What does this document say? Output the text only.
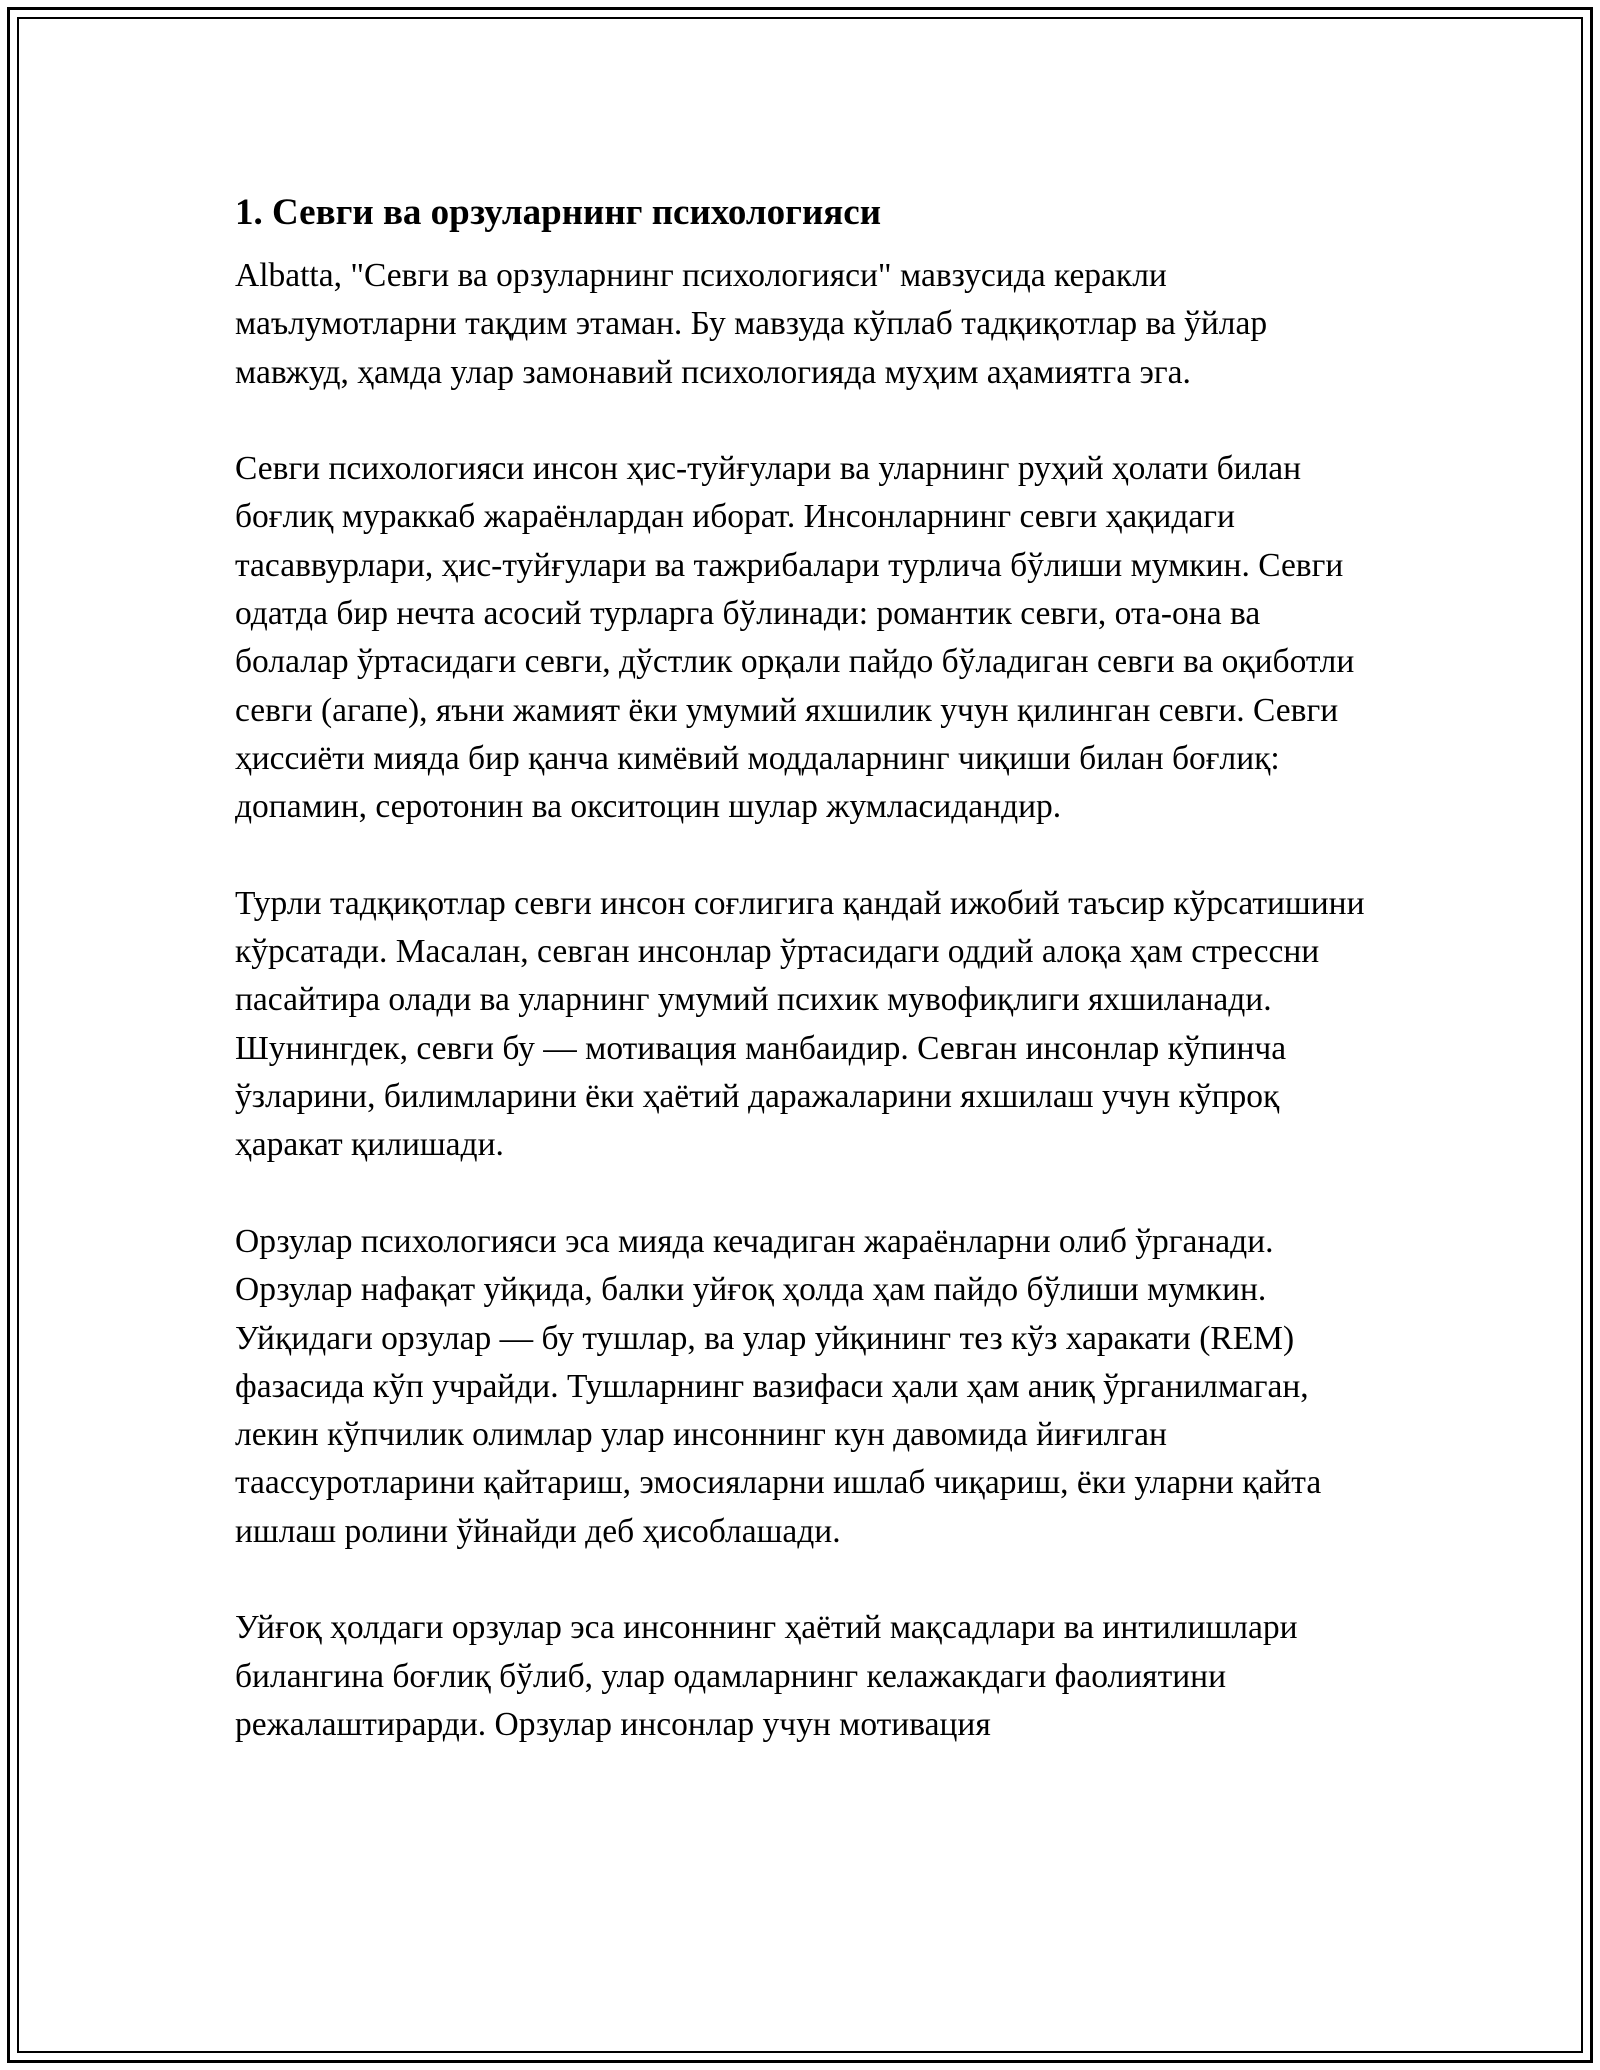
1. Севги ва орзуларнинг психологияси

Albatta, "Севги ва орзуларнинг психологияси" мавзусида керакли маълумотларни тақдим этаман. Бу мавзуда кўплаб тадқиқотлар ва ўйлар мавжуд, ҳамда улар замонавий психологияда муҳим аҳамиятга эга.

Севги психологияси инсон ҳис-туйғулари ва уларнинг руҳий ҳолати билан боғлиқ мураккаб жараёнлардан иборат. Инсонларнинг севги ҳақидаги тасаввурлари, ҳис-туйғулари ва тажрибалари турлича бўлиши мумкин. Севги одатда бир нечта асосий турларга бўлинади: романтик севги, ота-она ва болалар ўртасидаги севги, дўстлик орқали пайдо бўладиган севги ва оқиботли севги (агапе), яъни жамият ёки умумий яхшилик учун қилинган севги. Севги ҳиссиёти мияда бир қанча кимёвий моддаларнинг чиқиши билан боғлиқ: допамин, серотонин ва окситоцин шулар жумласидандир.

Турли тадқиқотлар севги инсон соғлигига қандай ижобий таъсир кўрсатишини кўрсатади. Масалан, севган инсонлар ўртасидаги оддий алоқа ҳам стрессни пасайтира олади ва уларнинг умумий психик мувофиқлиги яхшиланади. Шунингдек, севги бу — мотивация манбаидир. Севган инсонлар кўпинча ўзларини, билимларини ёки ҳаётий даражаларини яхшилаш учун кўпроқ ҳаракат қилишади.

Орзулар психологияси эса мияда кечадиган жараёнларни олиб ўрганади. Орзулар нафақат уйқида, балки уйғоқ ҳолда ҳам пайдо бўлиши мумкин. Уйқидаги орзулар — бу тушлар, ва улар уйқининг тез кўз харакати (REM) фазасида кўп учрайди. Тушларнинг вазифаси ҳали ҳам аниқ ўрганилмаган, лекин кўпчилик олимлар улар инсоннинг кун давомида йиғилган таассуротларини қайтариш, эмосияларни ишлаб чиқариш, ёки уларни қайта ишлаш ролини ўйнайди деб ҳисоблашади.

Уйғоқ ҳолдаги орзулар эса инсоннинг ҳаётий мақсадлари ва интилишлари билангина боғлиқ бўлиб, улар одамларнинг келажакдаги фаолиятини режалаштирарди. Орзулар инсонлар учун мотивация
